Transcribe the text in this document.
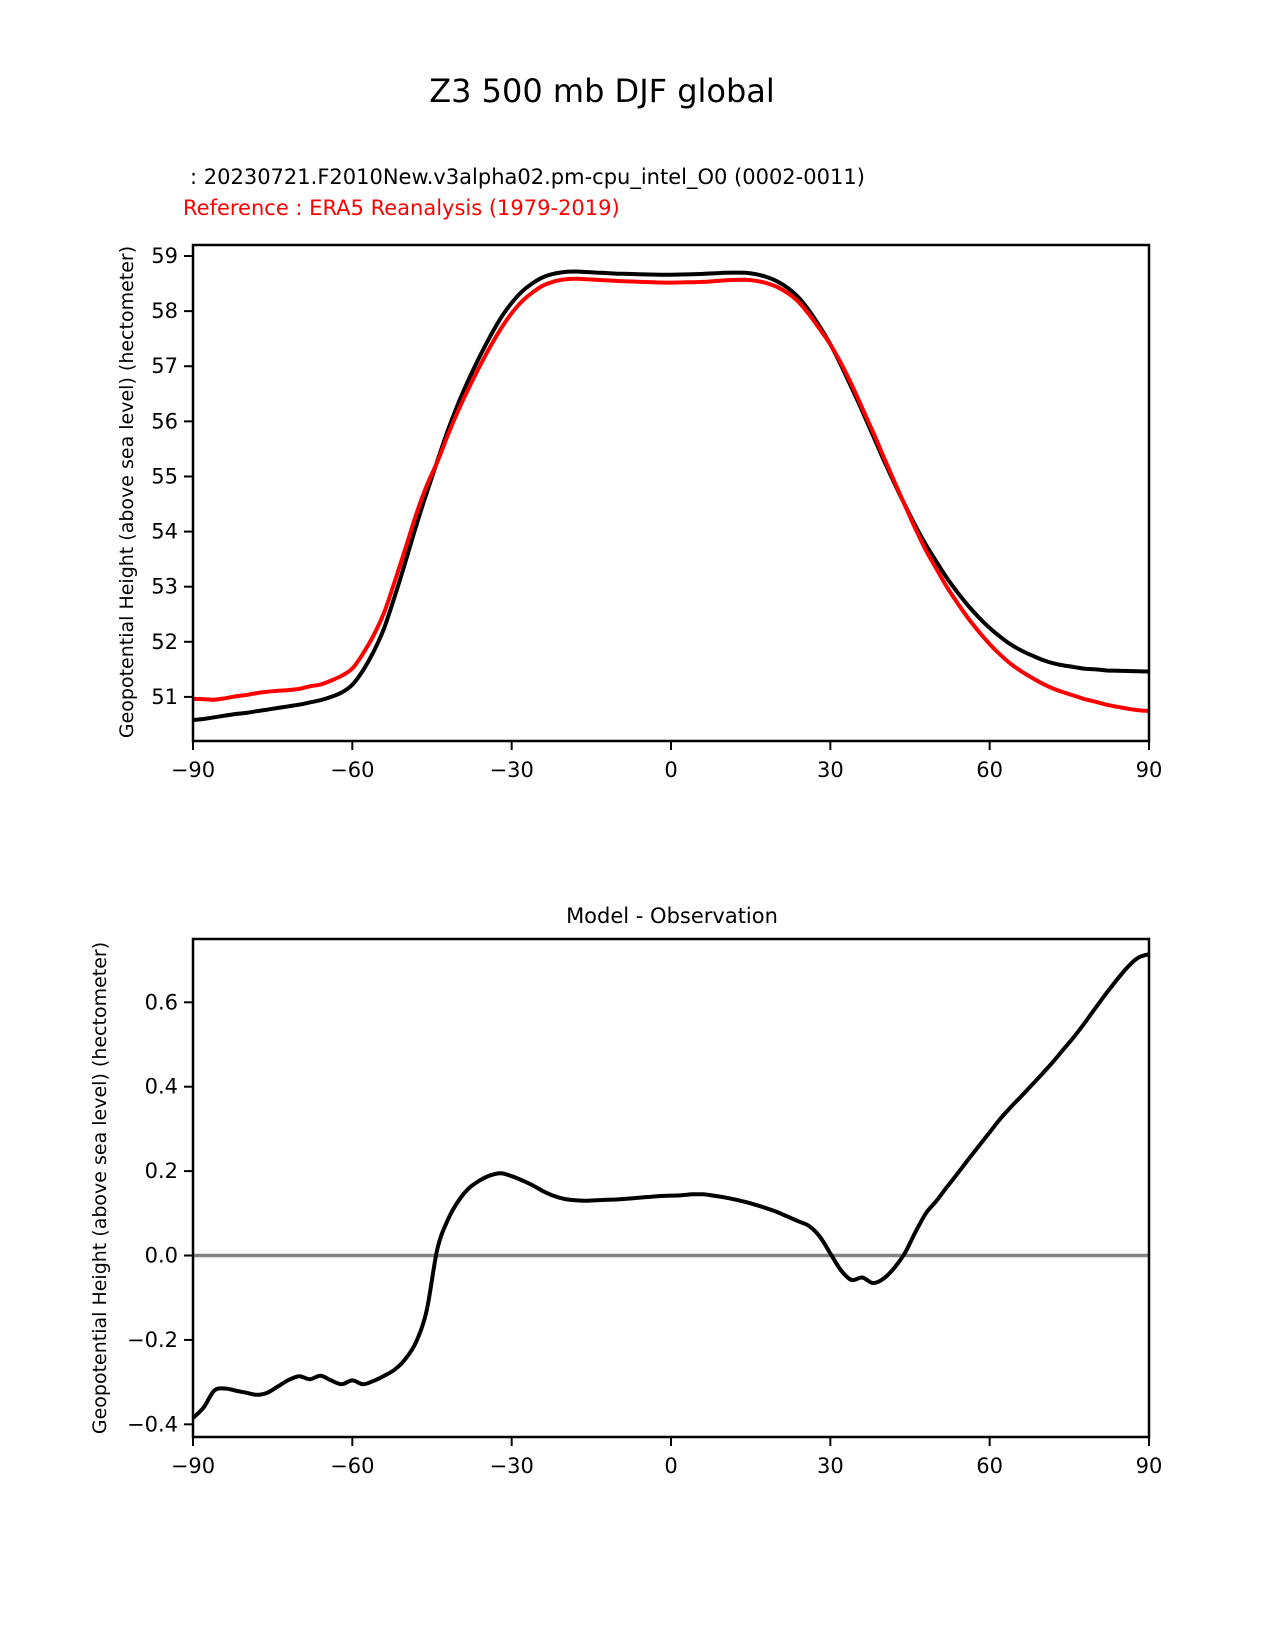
Z3 500 mb DJF global
: 20230721.F2010New.v3alpha02.pm-cpu_intel_O0 (0002-0011)
Reference : ERA5 Reanalysis (1979-2019)
Geopotential Height (above sea level) (hectometer)
Geopotential Height (above sea level) (hectometer)
Model - Observation
−90	−60	−30	0	30	60	90
51
52
53
54
55
56
57
58
59
−90	−60	−30	0	30	60	90
−0.4
−0.2
0.0
0.2
0.4
0.6
